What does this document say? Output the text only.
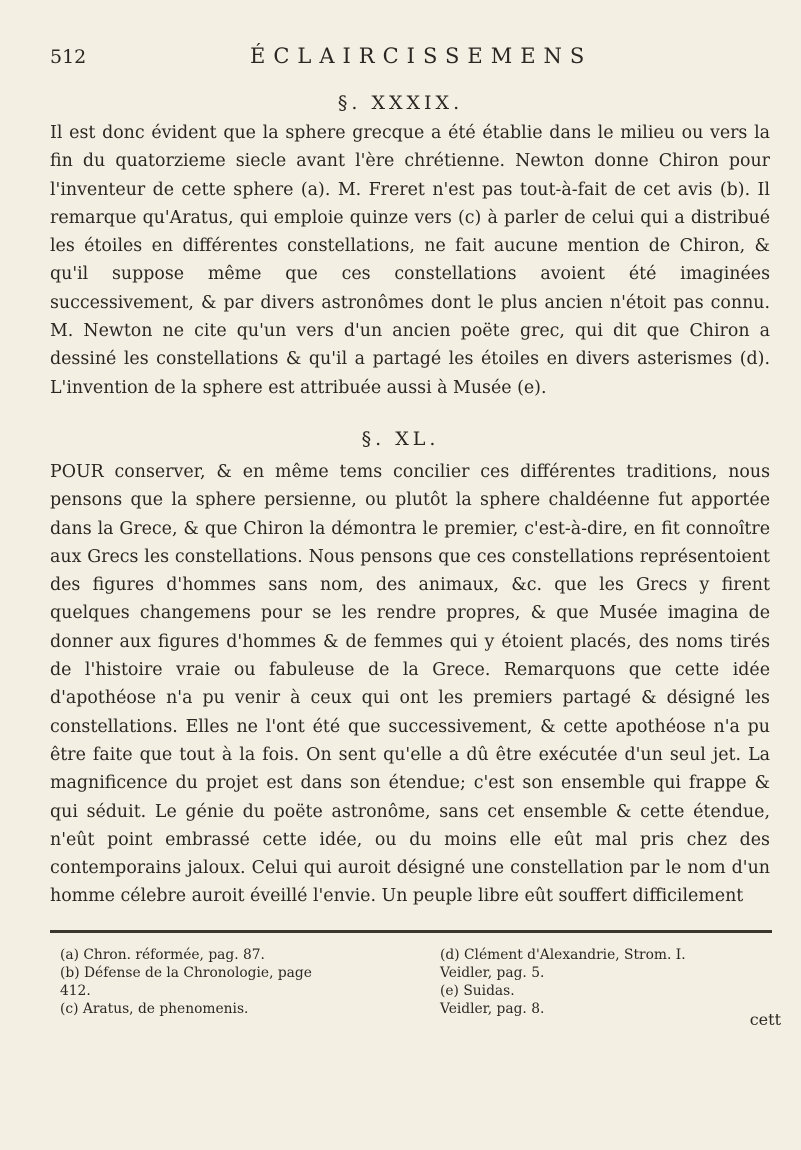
512	ÉCLAIRCISSEMENS
§. XXXIX.

Il est donc évident que la sphere grecque a été établie dans le milieu ou vers la fin du quatorzieme siecle avant l'ère chrétienne. Newton donne Chiron pour l'inventeur de cette sphere (a). M. Freret n'est pas tout-à-fait de cet avis (b). Il remarque qu'Aratus, qui emploie quinze vers (c) à parler de celui qui a distribué les étoiles en différentes constellations, ne fait aucune mention de Chiron, & qu'il suppose même que ces constellations avoient été imaginées successivement, & par divers astronômes dont le plus ancien n'étoit pas connu. M. Newton ne cite qu'un vers d'un ancien poëte grec, qui dit que Chiron a dessiné les constellations & qu'il a partagé les étoiles en divers asterismes (d). L'invention de la sphere est attribuée aussi à Musée (e).

§. XL.

POUR conserver, & en même tems concilier ces différentes traditions, nous pensons que la sphere persienne, ou plutôt la sphere chaldéenne fut apportée dans la Grece, & que Chiron la démontra le premier, c'est-à-dire, en fit connoître aux Grecs les constellations. Nous pensons que ces constellations représentoient des figures d'hommes sans nom, des animaux, &c. que les Grecs y firent quelques changemens pour se les rendre propres, & que Musée imagina de donner aux figures d'hommes & de femmes qui y étoient placés, des noms tirés de l'histoire vraie ou fabuleuse de la Grece. Remarquons que cette idée d'apothéose n'a pu venir à ceux qui ont les premiers partagé & désigné les constellations. Elles ne l'ont été que successivement, & cette apothéose n'a pu être faite que tout à la fois. On sent qu'elle a dû être exécutée d'un seul jet. La magnificence du projet est dans son étendue; c'est son ensemble qui frappe & qui séduit. Le génie du poëte astronôme, sans cet ensemble & cette étendue, n'eût point embrassé cette idée, ou du moins elle eût mal pris chez des contemporains jaloux. Celui qui auroit désigné une constellation par le nom d'un homme célebre auroit éveillé l'envie. Un peuple libre eût souffert difficilement

(a) Chron. réformée, pag. 87.
(b) Défense de la Chronologie, page
412.
(c) Aratus, de phenomenis.
(d) Clément d'Alexandrie, Strom. I.
Veidler, pag. 5.
(e) Suidas.
Veidler, pag. 8.
cett
